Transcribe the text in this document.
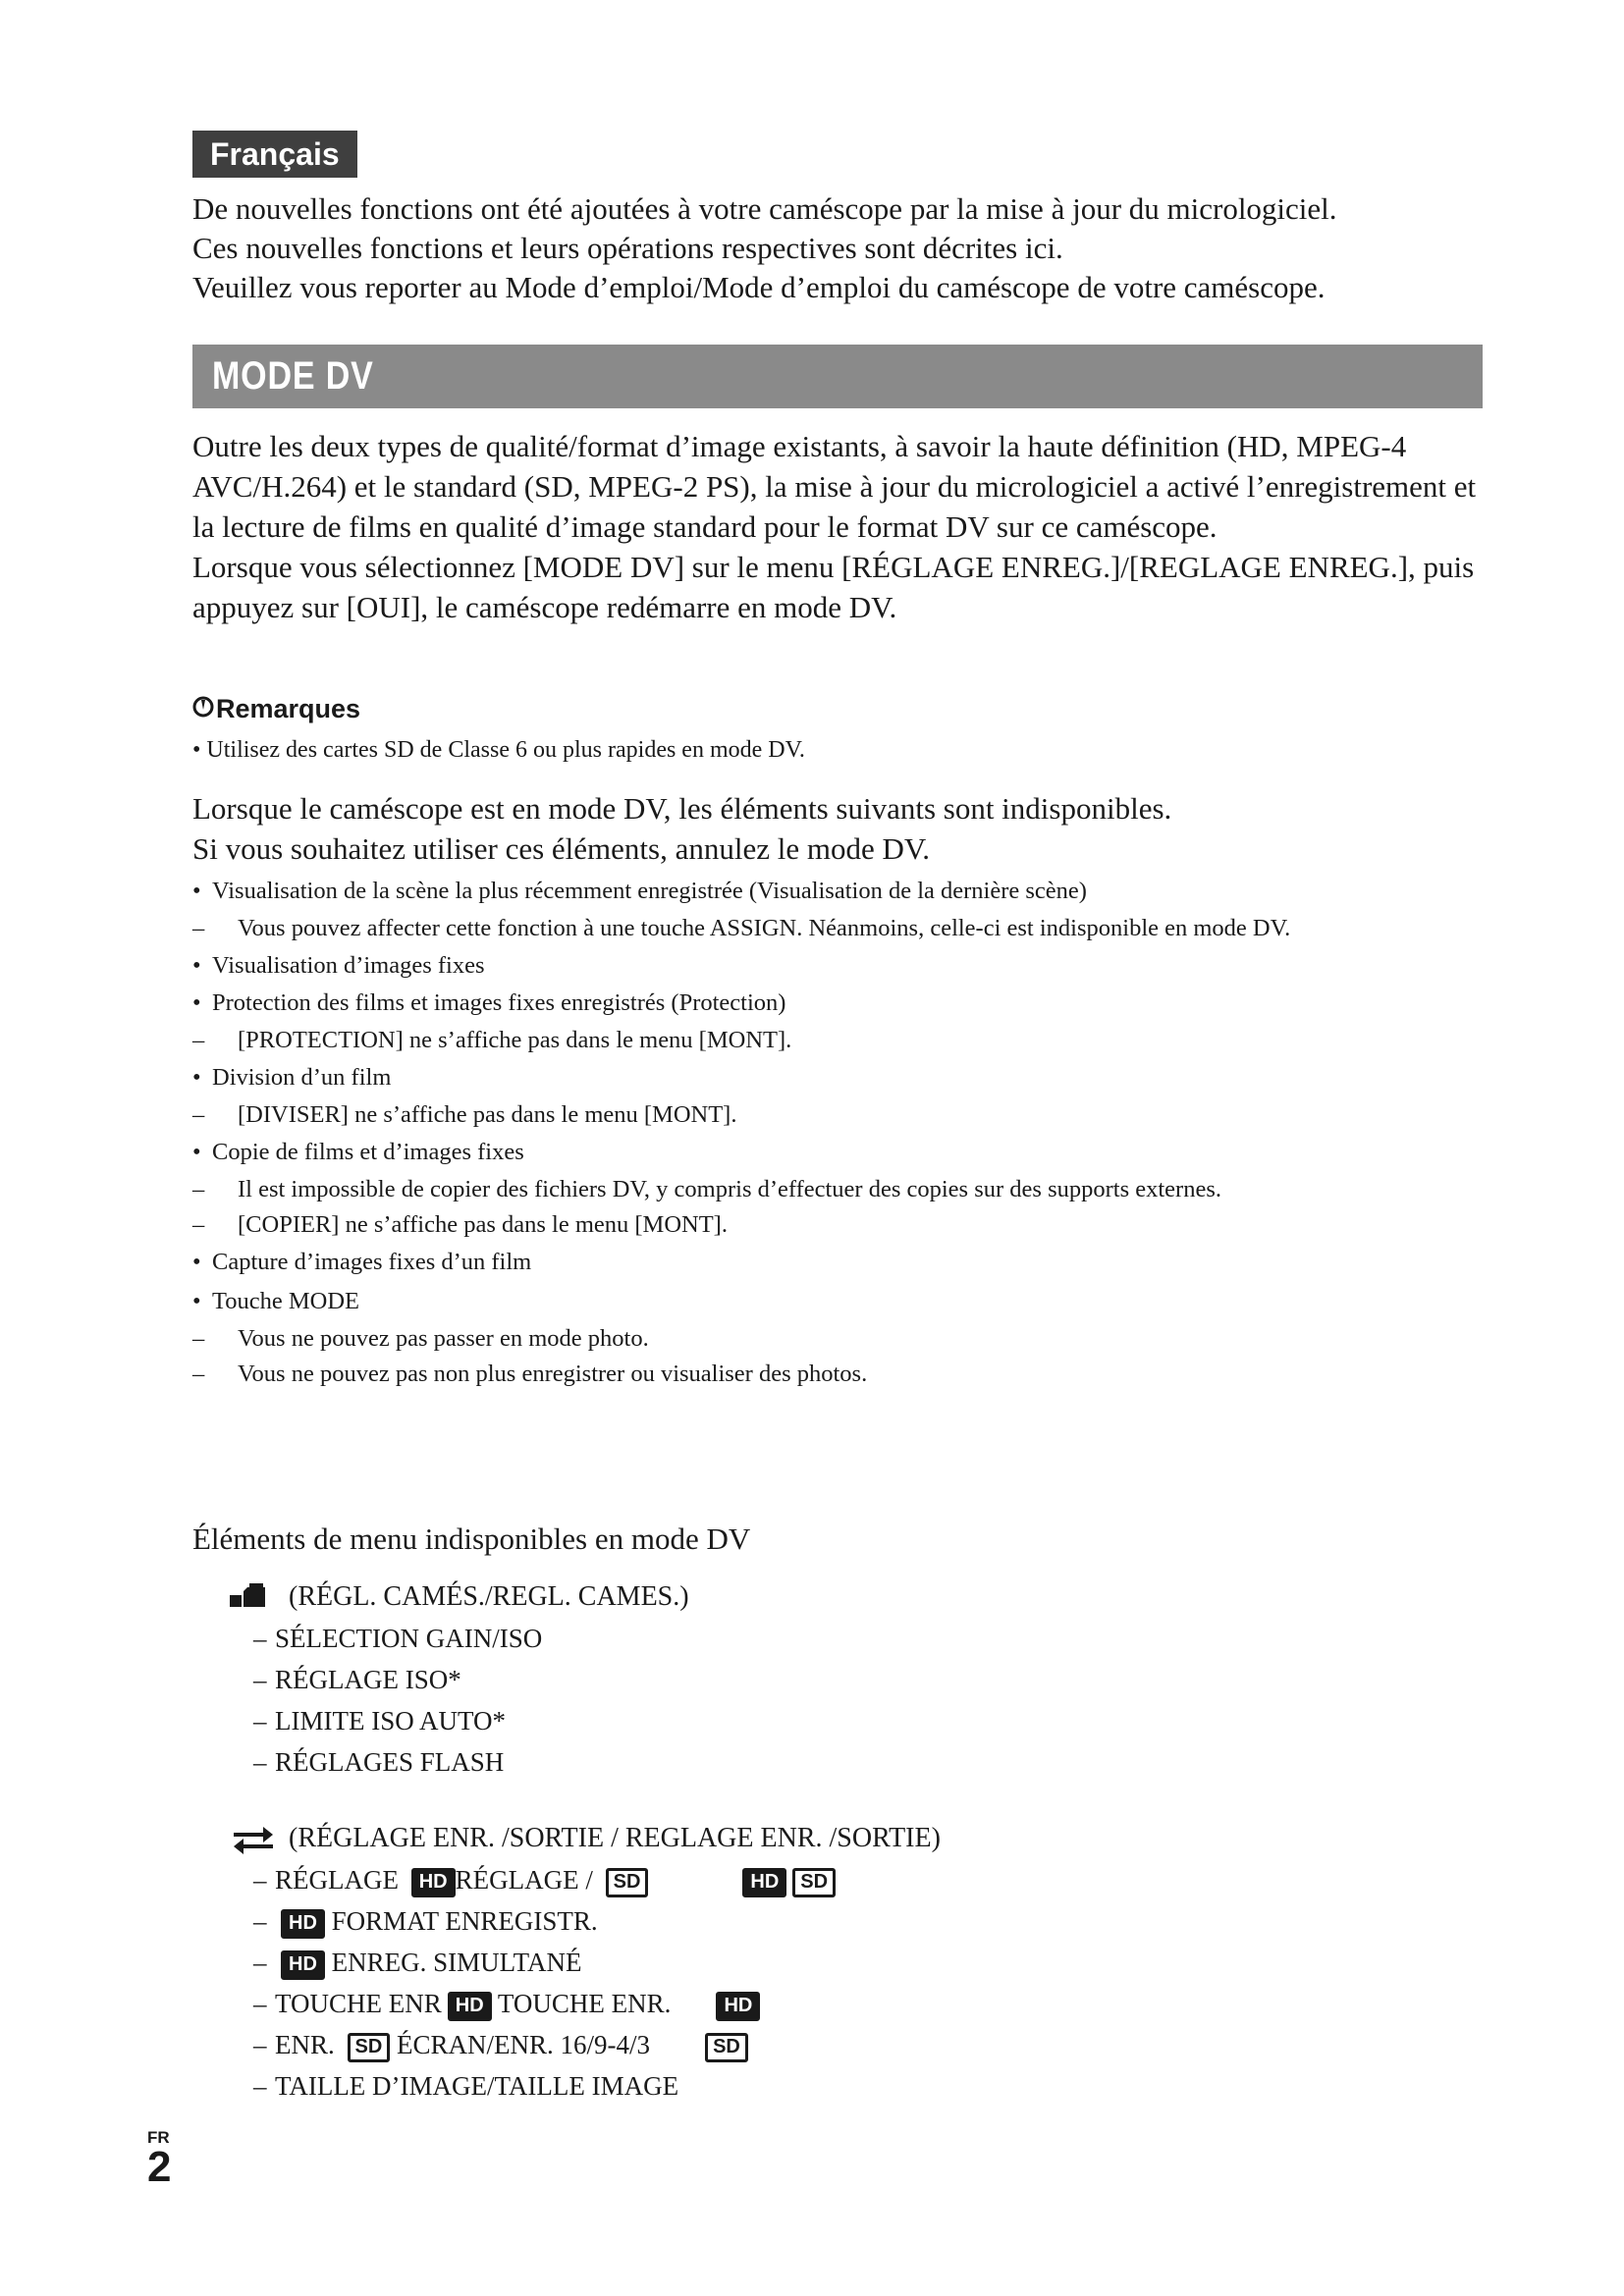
Français

De nouvelles fonctions ont été ajoutées à votre caméscope par la mise à jour du micrologiciel.

Ces nouvelles fonctions et leurs opérations respectives sont décrites ici.

Veuillez vous reporter au Mode d’emploi/Mode d’emploi du caméscope de votre caméscope.

MODE DV

Outre les deux types de qualité/format d’image existants, à savoir la haute définition (HD, MPEG-4 AVC/H.264) et le standard (SD, MPEG-2 PS), la mise à jour du micrologiciel a activé l’enregistrement et la lecture de films en qualité d’image standard pour le format DV sur ce caméscope.

Lorsque vous sélectionnez [MODE DV] sur le menu [RÉGLAGE ENREG.]/[REGLAGE ENREG.], puis appuyez sur [OUI], le caméscope redémarre en mode DV.

Remarques
• Utilisez des cartes SD de Classe 6 ou plus rapides en mode DV.

Lorsque le caméscope est en mode DV, les éléments suivants sont indisponibles.

Si vous souhaitez utiliser ces éléments, annulez le mode DV.

• Visualisation de la scène la plus récemment enregistrée (Visualisation de la dernière scène)
–	Vous pouvez affecter cette fonction à une touche ASSIGN. Néanmoins, celle-ci est indisponible en mode DV.
• Visualisation d’images fixes
• Protection des films et images fixes enregistrés (Protection)
–	[PROTECTION] ne s’affiche pas dans le menu [MONT].
• Division d’un film
–	[DIVISER] ne s’affiche pas dans le menu [MONT].
• Copie de films et d’images fixes
–	Il est impossible de copier des fichiers DV, y compris d’effectuer des copies sur des supports externes.
–	[COPIER] ne s’affiche pas dans le menu [MONT].
• Capture d’images fixes d’un film
• Touche MODE
–	Vous ne pouvez pas passer en mode photo.
–	Vous ne pouvez pas non plus enregistrer ou visualiser des photos.
Éléments de menu indisponibles en mode DV
(RÉGL. CAMÉS./REGL. CAMES.)
– SÉLECTION GAIN/ISO
– RÉGLAGE ISO*
– LIMITE ISO AUTO*
– RÉGLAGES FLASH
(RÉGLAGE ENR. /SORTIE / REGLAGE ENR. /SORTIE)
– RÉGLAGE HD RÉGLAGE / SD	HD SD
– HD FORMAT ENREGISTR.
– HD ENREG. SIMULTANÉ
– TOUCHE ENR HD TOUCHE ENR.	HD
– ENR. SD ÉCRAN/ENR. 16/9-4/3	SD
– TAILLE D’IMAGE/TAILLE IMAGE
FR
2
